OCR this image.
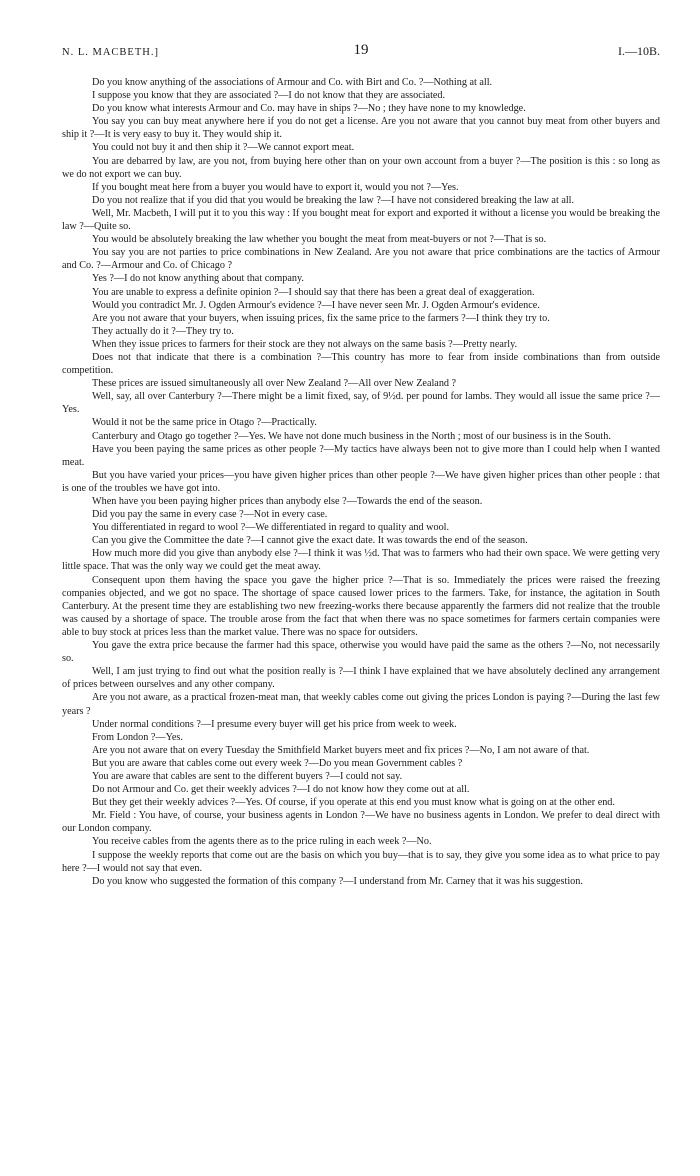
N. L. MACBETH.]	19	I.—10B.

Do you know anything of the associations of Armour and Co. with Birt and Co. ?—Nothing at all.

I suppose you know that they are associated ?—I do not know that they are associated.

Do you know what interests Armour and Co. may have in ships ?—No ; they have none to my knowledge.

You say you can buy meat anywhere here if you do not get a license. Are you not aware that you cannot buy meat from other buyers and ship it ?—It is very easy to buy it. They would ship it.

You could not buy it and then ship it ?—We cannot export meat.

You are debarred by law, are you not, from buying here other than on your own account from a buyer ?—The position is this : so long as we do not export we can buy.

If you bought meat here from a buyer you would have to export it, would you not ?—Yes.

Do you not realize that if you did that you would be breaking the law ?—I have not considered breaking the law at all.

Well, Mr. Macbeth, I will put it to you this way : If you bought meat for export and exported it without a license you would be breaking the law ?—Quite so.

You would be absolutely breaking the law whether you bought the meat from meat-buyers or not ?—That is so.

You say you are not parties to price combinations in New Zealand. Are you not aware that price combinations are the tactics of Armour and Co. ?—Armour and Co. of Chicago ?

Yes ?—I do not know anything about that company.

You are unable to express a definite opinion ?—I should say that there has been a great deal of exaggeration.

Would you contradict Mr. J. Ogden Armour's evidence ?—I have never seen Mr. J. Ogden Armour's evidence.

Are you not aware that your buyers, when issuing prices, fix the same price to the farmers ?—I think they try to.

They actually do it ?—They try to.

When they issue prices to farmers for their stock are they not always on the same basis ?—Pretty nearly.

Does not that indicate that there is a combination ?—This country has more to fear from inside combinations than from outside competition.

These prices are issued simultaneously all over New Zealand ?—All over New Zealand ?

Well, say, all over Canterbury ?—There might be a limit fixed, say, of 9½d. per pound for lambs. They would all issue the same price ?—Yes.

Would it not be the same price in Otago ?—Practically.

Canterbury and Otago go together ?—Yes. We have not done much business in the North ; most of our business is in the South.

Have you been paying the same prices as other people ?—My tactics have always been not to give more than I could help when I wanted meat.

But you have varied your prices—you have given higher prices than other people ?—We have given higher prices than other people : that is one of the troubles we have got into.

When have you been paying higher prices than anybody else ?—Towards the end of the season.

Did you pay the same in every case ?—Not in every case.

You differentiated in regard to wool ?—We differentiated in regard to quality and wool.

Can you give the Committee the date ?—I cannot give the exact date. It was towards the end of the season.

How much more did you give than anybody else ?—I think it was ½d. That was to farmers who had their own space. We were getting very little space. That was the only way we could get the meat away.

Consequent upon them having the space you gave the higher price ?—That is so. Immediately the prices were raised the freezing companies objected, and we got no space. The shortage of space caused lower prices to the farmers. Take, for instance, the agitation in South Canterbury. At the present time they are establishing two new freezing-works there because apparently the farmers did not realize that the trouble was caused by a shortage of space. The trouble arose from the fact that when there was no space sometimes for farmers certain companies were able to buy stock at prices less than the market value. There was no space for outsiders.

You gave the extra price because the farmer had this space, otherwise you would have paid the same as the others ?—No, not necessarily so.

Well, I am just trying to find out what the position really is ?—I think I have explained that we have absolutely declined any arrangement of prices between ourselves and any other company.

Are you not aware, as a practical frozen-meat man, that weekly cables come out giving the prices London is paying ?—During the last few years ?

Under normal conditions ?—I presume every buyer will get his price from week to week.

From London ?—Yes.

Are you not aware that on every Tuesday the Smithfield Market buyers meet and fix prices ?—No, I am not aware of that.

But you are aware that cables come out every week ?—Do you mean Government cables ?

You are aware that cables are sent to the different buyers ?—I could not say.

Do not Armour and Co. get their weekly advices ?—I do not know how they come out at all.

But they get their weekly advices ?—Yes. Of course, if you operate at this end you must know what is going on at the other end.

Mr. Field : You have, of course, your business agents in London ?—We have no business agents in London. We prefer to deal direct with our London company.

You receive cables from the agents there as to the price ruling in each week ?—No.

I suppose the weekly reports that come out are the basis on which you buy—that is to say, they give you some idea as to what price to pay here ?—I would not say that even.

Do you know who suggested the formation of this company ?—I understand from Mr. Carney that it was his suggestion.
